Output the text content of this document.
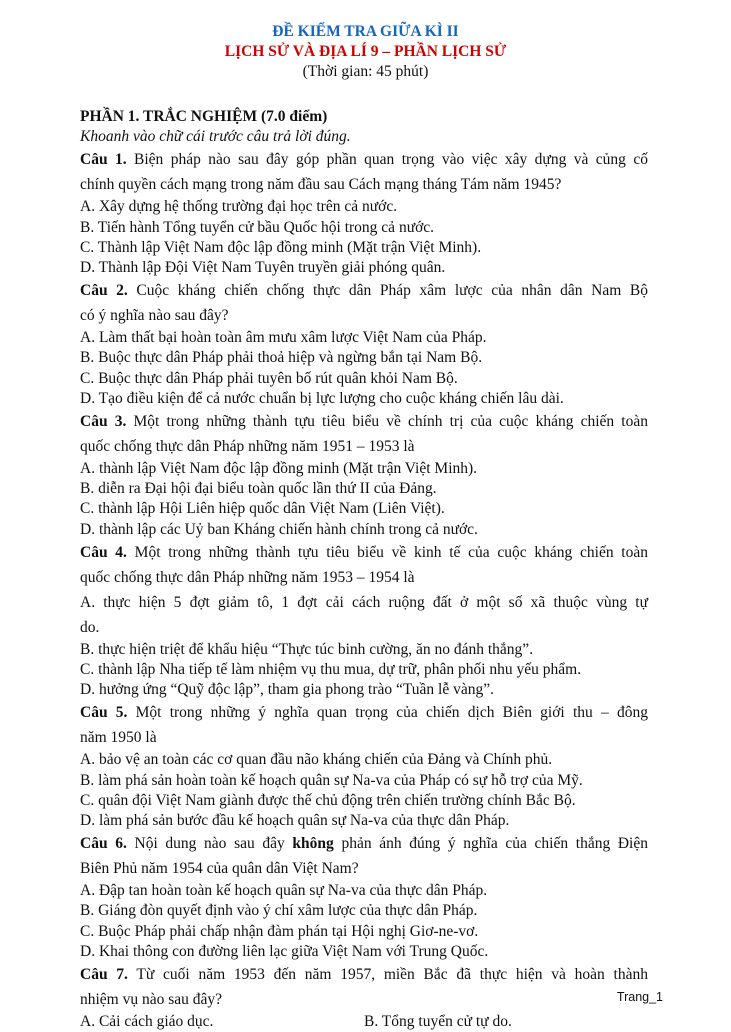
ĐỀ KIỂM TRA GIỮA KÌ II
LỊCH SỬ VÀ ĐỊA LÍ 9 – PHẦN LỊCH SỬ
(Thời gian: 45 phút)
PHẦN 1. TRẮC NGHIỆM (7.0 điểm)
Khoanh vào chữ cái trước câu trả lời đúng.
Câu 1. Biện pháp nào sau đây góp phần quan trọng vào việc xây dựng và củng cố
chính quyền cách mạng trong năm đầu sau Cách mạng tháng Tám năm 1945?
A. Xây dựng hệ thống trường đại học trên cả nước.
B. Tiến hành Tổng tuyển cử bầu Quốc hội trong cả nước.
C. Thành lập Việt Nam độc lập đồng minh (Mặt trận Việt Minh).
D. Thành lập Đội Việt Nam Tuyên truyền giải phóng quân.
Câu 2. Cuộc kháng chiến chống thực dân Pháp xâm lược của nhân dân Nam Bộ
có ý nghĩa nào sau đây?
A. Làm thất bại hoàn toàn âm mưu xâm lược Việt Nam của Pháp.
B. Buộc thực dân Pháp phải thoả hiệp và ngừng bắn tại Nam Bộ.
C. Buộc thực dân Pháp phải tuyên bố rút quân khỏi Nam Bộ.
D. Tạo điều kiện để cả nước chuẩn bị lực lượng cho cuộc kháng chiến lâu dài.
Câu 3. Một trong những thành tựu tiêu biểu về chính trị của cuộc kháng chiến toàn
quốc chống thực dân Pháp những năm 1951 – 1953 là
A. thành lập Việt Nam độc lập đồng minh (Mặt trận Việt Minh).
B. diễn ra Đại hội đại biểu toàn quốc lần thứ II của Đảng.
C. thành lập Hội Liên hiệp quốc dân Việt Nam (Liên Việt).
D. thành lập các Uỷ ban Kháng chiến hành chính trong cả nước.
Câu 4. Một trong những thành tựu tiêu biểu về kinh tế của cuộc kháng chiến toàn
quốc chống thực dân Pháp những năm 1953 – 1954 là
A. thực hiện 5 đợt giảm tô, 1 đợt cải cách ruộng đất ở một số xã thuộc vùng tự
do.
B. thực hiện triệt để khẩu hiệu “Thực túc binh cường, ăn no đánh thắng”.
C. thành lập Nha tiếp tế làm nhiệm vụ thu mua, dự trữ, phân phối nhu yếu phẩm.
D. hưởng ứng “Quỹ độc lập”, tham gia phong trào “Tuần lễ vàng”.
Câu 5. Một trong những ý nghĩa quan trọng của chiến dịch Biên giới thu – đông
năm 1950 là
A. bảo vệ an toàn các cơ quan đầu não kháng chiến của Đảng và Chính phủ.
B. làm phá sản hoàn toàn kế hoạch quân sự Na-va của Pháp có sự hỗ trợ của Mỹ.
C. quân đội Việt Nam giành được thế chủ động trên chiến trường chính Bắc Bộ.
D. làm phá sản bước đầu kế hoạch quân sự Na-va của thực dân Pháp.
Câu 6. Nội dung nào sau đây không phản ánh đúng ý nghĩa của chiến thắng Điện
Biên Phủ năm 1954 của quân dân Việt Nam?
A. Đập tan hoàn toàn kế hoạch quân sự Na-va của thực dân Pháp.
B. Giáng đòn quyết định vào ý chí xâm lược của thực dân Pháp.
C. Buộc Pháp phải chấp nhận đàm phán tại Hội nghị Giơ-ne-vơ.
D. Khai thông con đường liên lạc giữa Việt Nam với Trung Quốc.
Câu 7. Từ cuối năm 1953 đến năm 1957, miền Bắc đã thực hiện và hoàn thành
nhiệm vụ nào sau đây?
A. Cải cách giáo dục.	B. Tổng tuyển cử tự do.
Trang_1
